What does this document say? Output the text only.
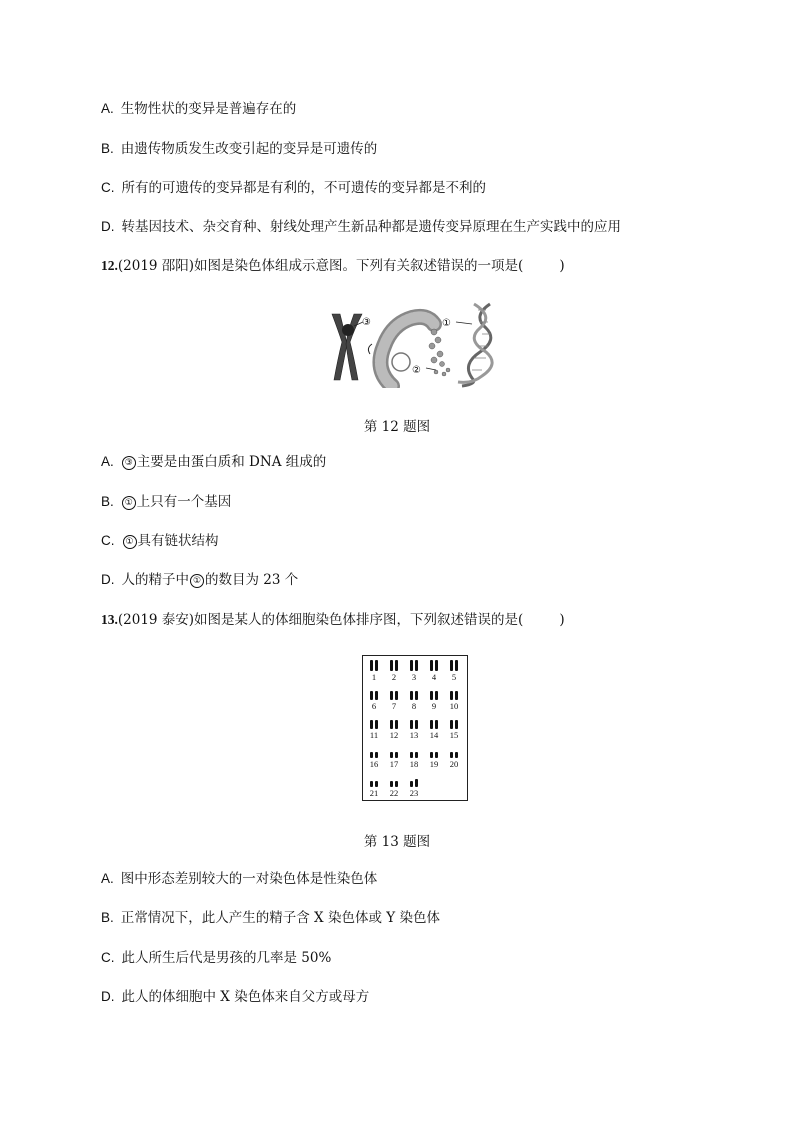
A. 生物性状的变异是普遍存在的
B. 由遗传物质发生改变引起的变异是可遗传的
C. 所有的可遗传的变异都是有利的，不可遗传的变异都是不利的
D. 转基因技术、杂交育种、射线处理产生新品种都是遗传变异原理在生产实践中的应用
12.(2019 邵阳)如图是染色体组成示意图。下列有关叙述错误的一项是(	)
③
②
①
第 12 题图
A. ③ 主要是由蛋白质和 DNA 组成的
B. ① 上只有一个基因
C. ① 具有链状结构
D. 人的精子中 ① 的数目为 23 个
13.(2019 泰安)如图是某人的体细胞染色体排序图，下列叙述错误的是(	)
1	2	3	4	5
6	7	8	9	10
11	12	13	14	15
16	17	18	19	20
21	22	23
第 13 题图
A. 图中形态差别较大的一对染色体是性染色体
B. 正常情况下，此人产生的精子含 X 染色体或 Y 染色体
C. 此人所生后代是男孩的几率是 50%
D. 此人的体细胞中 X 染色体来自父方或母方
